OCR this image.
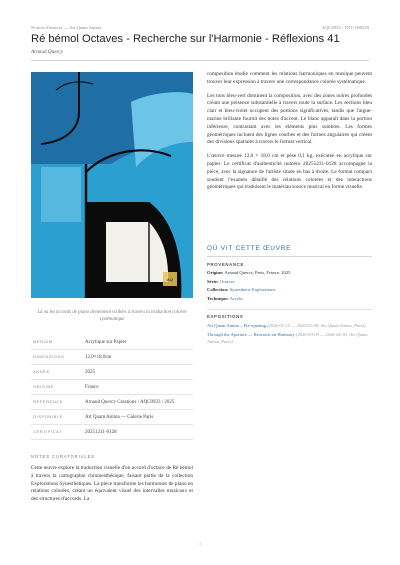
Notices d'œuvres — Art Quam Anima	AQC0933 - NTC-000529
Ré bémol Octaves - Recherche sur l'Harmonie - Réflexions 41
Arnaud Quercy
AQ
Là où les accords de piano deviennent visibles à travers la traduction colorée systématique
MÉDIUM	Acrylique sur Papier
DIMENSIONS	12,0×18,0cm
ANNÉE	2025
ORIGINE	France
RÉFÉRENCE	Arnaud Quercy Creations / AQC0933 / 2025
DISPONIBLE	Art Quam Anima — Galerie Paris
CERTIFICAT	20251231-0128
NOTES CURATORIALES
Cette œuvre explore la traduction visuelle d'un accord d'octave de Ré bémol à travers la cartographie chromesthésique, faisant partie de la collection Explorations Synesthétiques. La pièce transforme les harmonies de piano en relations colorées, créant un équivalent visuel des intervalles musicaux et des structures d'accords. La

composition étudie comment les relations harmoniques en musique peuvent trouver leur expression à travers une correspondance colorée systématique.

Les tons bleu-vert dominent la composition, avec des zones noires profondes créant une présence substantielle à travers toute la surface. Les sections bleu clair et bleu-violet occupent des portions significatives, tandis que l'aigue-marine brillante fournit des notes d'accent. Le blanc apparaît dans la portion inférieure, contrastant avec les éléments plus sombres. Les formes géométriques incluent des lignes courbes et des formes angulaires qui créent des divisions spatiales à travers le format vertical.

L'œuvre mesure 12,0 × 18,0 cm et pèse 0,1 kg, exécutée en acrylique sur papier. Le certificat d'authenticité numéro 20251231-0128 accompagne la pièce, avec la signature de l'artiste située en bas à droite. Le format compact soutient l'examen détaillé des relations colorées et des interactions géométriques qui traduisent le matériau source musical en forme visuelle.

OÙ VIT CETTE ŒUVRE
PROVENANCE
Origine: Arnaud Quercy, Paris, France, 2025
Série: Octaves
Collection: Synesthetic Explorations
Technique: Acrylic
EXPOSITIONS
Art Quam Anima – Pre-opening (2026-01-15 — 2026-02-28; Art Quam Anima, Paris)
Through the Aperture — Research on Harmony (2026-03-09 — 2026-04-30; Art Quam Anima, Paris)
1
